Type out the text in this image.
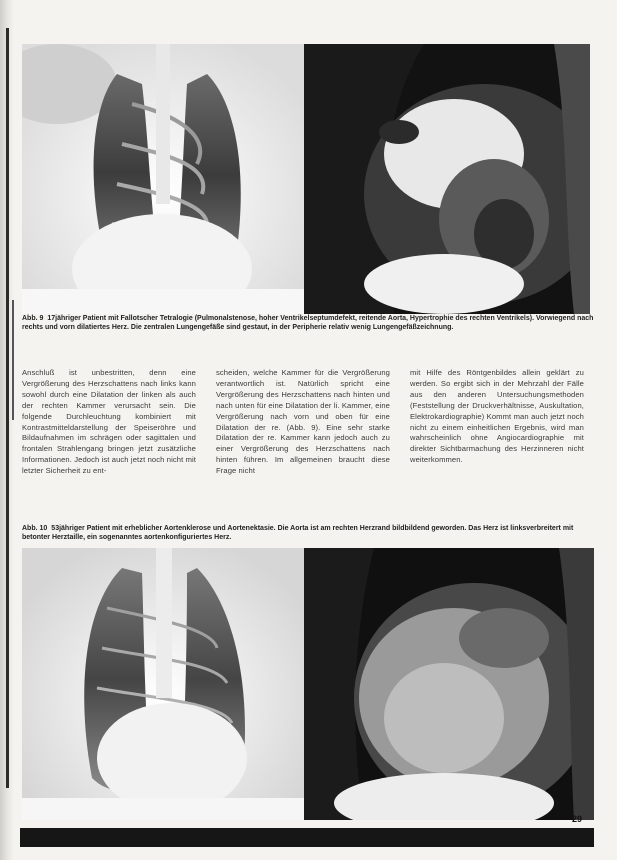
Abb. 9 17jähriger Patient mit Fallotscher Tetralogie (Pulmonalstenose, hoher Ventrikelseptumdefekt, reitende Aorta, Hypertrophie des rechten Ventrikels). Vorwiegend nach rechts und vorn dilatiertes Herz. Die zentralen Lungengefäße sind gestaut, in der Peripherie relativ wenig Lungengefäßzeichnung.
Anschluß ist unbestritten, denn eine Vergrößerung des Herzschattens nach links kann sowohl durch eine Dilatation der linken als auch der rechten Kammer verursacht sein. Die folgende Durchleuchtung kombiniert mit Kontrastmitteldarstellung der Speiseröhre und Bildaufnahmen im schrägen oder sagittalen und frontalen Strahlengang bringen jetzt zusätzliche Informationen. Jedoch ist auch jetzt noch nicht mit letzter Sicherheit zu ent-
scheiden, welche Kammer für die Vergrößerung verantwortlich ist. Natürlich spricht eine Vergrößerung des Herzschattens nach hinten und nach unten für eine Dilatation der li. Kammer, eine Vergrößerung nach vorn und oben für eine Dilatation der re. (Abb. 9). Eine sehr starke Dilatation der re. Kammer kann jedoch auch zu einer Vergrößerung des Herzschattens nach hinten führen. Im allgemeinen braucht diese Frage nicht
mit Hilfe des Röntgenbildes allein geklärt zu werden. So ergibt sich in der Mehrzahl der Fälle aus den anderen Untersuchungsmethoden (Feststellung der Druckverhältnisse, Auskultation, Elektrokardiographie) Kommt man auch jetzt noch nicht zu einem einheitlichen Ergebnis, wird man wahrscheinlich ohne Angiocardiographie mit direkter Sichtbarmachung des Herzinneren nicht weiterkommen.
Abb. 10 53jähriger Patient mit erheblicher Aortenklerose und Aortenektasie. Die Aorta ist am rechten Herzrand bildbildend geworden. Das Herz ist linksverbreitert mit betonter Herztaille, ein sogenanntes aortenkonfiguriertes Herz.
29
